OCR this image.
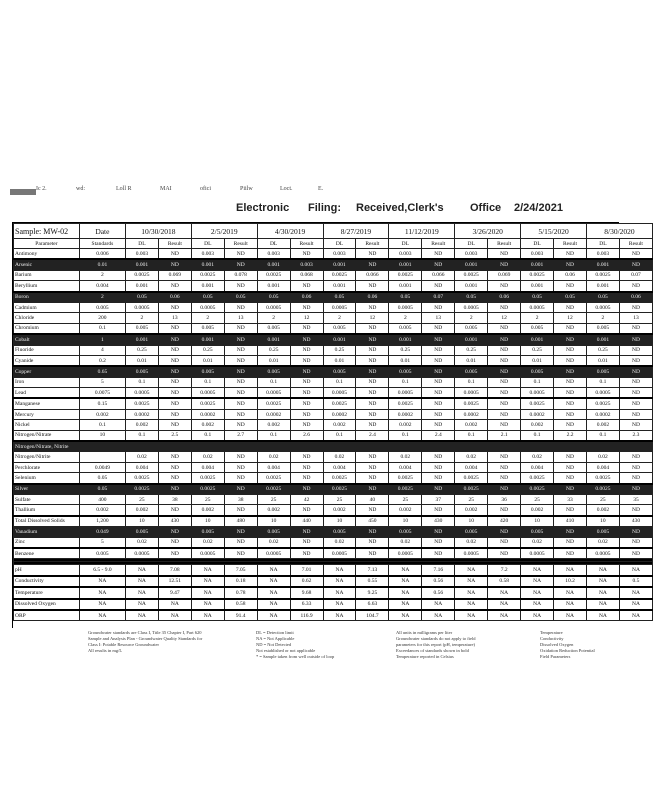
Ic 2.	wd:	Loll R	MAI	ofici	Piilw	Loct.	E.
Electronic Filing: Received,Clerk's Office 2/24/2021
Sample: MW-02	Date	10/30/2018		2/5/2019		4/30/2019		8/27/2019		11/12/2019		3/26/2020		5/15/2020		8/30/2020	
Parameter	Standards	DL	Result	DL	Result	DL	Result	DL	Result	DL	Result	DL	Result	DL	Result	DL	Result
Antimony	0.006	0.003	ND	0.003	ND	0.003	ND	0.003	ND	0.003	ND	0.003	ND	0.003	ND	0.003	ND
Arsenic	0.01	0.001	ND	0.001	ND	0.001	0.003	0.001	ND	0.001	ND	0.001	ND	0.001	ND	0.001	ND
Barium	2	0.0025	0.069	0.0025	0.078	0.0025	0.068	0.0025	0.066	0.0025	0.066	0.0025	0.069	0.0025	0.06	0.0025	0.07
Beryllium	0.004	0.001	ND	0.001	ND	0.001	ND	0.001	ND	0.001	ND	0.001	ND	0.001	ND	0.001	ND
Boron	2	0.05	0.06	0.05	0.05	0.05	0.06	0.05	0.06	0.05	0.07	0.05	0.06	0.05	0.05	0.05	0.06
Cadmium	0.005	0.0005	ND	0.0005	ND	0.0005	ND	0.0005	ND	0.0005	ND	0.0005	ND	0.0005	ND	0.0005	ND
Chloride	200	2	13	2	13	2	12	2	12	2	13	2	12	2	12	2	13
Chromium	0.1	0.005	ND	0.005	ND	0.005	ND	0.005	ND	0.005	ND	0.005	ND	0.005	ND	0.005	ND
Cobalt	1	0.001	ND	0.001	ND	0.001	ND	0.001	ND	0.001	ND	0.001	ND	0.001	ND	0.001	ND
Fluoride	4	0.25	ND	0.25	ND	0.25	ND	0.25	ND	0.25	ND	0.25	ND	0.25	ND	0.25	ND
Cyanide	0.2	0.01	ND	0.01	ND	0.01	ND	0.01	ND	0.01	ND	0.01	ND	0.01	ND	0.01	ND
Copper	0.65	0.005	ND	0.005	ND	0.005	ND	0.005	ND	0.005	ND	0.005	ND	0.005	ND	0.005	ND
Iron	5	0.1	ND	0.1	ND	0.1	ND	0.1	ND	0.1	ND	0.1	ND	0.1	ND	0.1	ND
Lead	0.0075	0.0005	ND	0.0005	ND	0.0005	ND	0.0005	ND	0.0005	ND	0.0005	ND	0.0005	ND	0.0005	ND
Manganese	0.15	0.0025	ND	0.0025	ND	0.0025	ND	0.0025	ND	0.0025	ND	0.0025	ND	0.0025	ND	0.0025	ND
Mercury	0.002	0.0002	ND	0.0002	ND	0.0002	ND	0.0002	ND	0.0002	ND	0.0002	ND	0.0002	ND	0.0002	ND
Nickel	0.1	0.002	ND	0.002	ND	0.002	ND	0.002	ND	0.002	ND	0.002	ND	0.002	ND	0.002	ND
Nitrogen/Nitrate	10	0.1	2.5	0.1	2.7	0.1	2.6	0.1	2.4	0.1	2.4	0.1	2.1	0.1	2.2	0.1	2.3
Nitrogen/Nitrate, Nitrite																	
Nitrogen/Nitrite		0.02	ND	0.02	ND	0.02	ND	0.02	ND	0.02	ND	0.02	ND	0.02	ND	0.02	ND
Perchlorate	0.0049	0.004	ND	0.004	ND	0.004	ND	0.004	ND	0.004	ND	0.004	ND	0.004	ND	0.004	ND
Selenium	0.05	0.0025	ND	0.0025	ND	0.0025	ND	0.0025	ND	0.0025	ND	0.0025	ND	0.0025	ND	0.0025	ND
Silver	0.05	0.0025	ND	0.0025	ND	0.0025	ND	0.0025	ND	0.0025	ND	0.0025	ND	0.0025	ND	0.0025	ND
Sulfate	400	25	38	25	38	25	42	25	40	25	37	25	36	25	33	25	35
Thallium	0.002	0.002	ND	0.002	ND	0.002	ND	0.002	ND	0.002	ND	0.002	ND	0.002	ND	0.002	ND
Total Dissolved Solids	1,200	10	430	10	480	10	440	10	450	10	430	10	420	10	410	10	430
Vanadium	0.049	0.005	ND	0.005	ND	0.005	ND	0.005	ND	0.005	ND	0.005	ND	0.005	ND	0.005	ND
Zinc	5	0.02	ND	0.02	ND	0.02	ND	0.02	ND	0.02	ND	0.02	ND	0.02	ND	0.02	ND
Benzene	0.005	0.0005	ND	0.0005	ND	0.0005	ND	0.0005	ND	0.0005	ND	0.0005	ND	0.0005	ND	0.0005	ND

pH	6.5 - 9.0	NA	7.08	NA	7.05	NA	7.01	NA	7.13	NA	7.16	NA	7.2	NA	NA	NA	NA
Conductivity	NA	NA	12.51	NA	0.18	NA	0.62	NA	0.55	NA	0.56	NA	0.58	NA	10.2	NA	0.5
Temperature	NA	NA	9.47	NA	0.78	NA	9.68	NA	9.25	NA	0.56	NA	NA	NA	NA	NA	NA
Dissolved Oxygen	NA	NA	NA	NA	0.58	NA	6.33	NA	6.63	NA	NA	NA	NA	NA	NA	NA	NA
ORP	NA	NA	NA	NA	91.4	NA	116.9	NA	104.7	NA	NA	NA	NA	NA	NA	NA	NA
Groundwater standards are Class I, Title 35 Chapter I, Part 620
Sample and Analysis Plan - Groundwater Quality Standards for
Class I: Potable Resource Groundwater
All results in mg/L
DL = Detection limit
NA = Not Applicable
ND = Not Detected
Not established or not applicable
* = Sample taken from well outside of loop
All units in milligrams per liter
Groundwater standards do not apply to field
parameters for this report (pH, temperature)
Exceedances of standards shown in bold
Temperature reported in Celsius
Temperature
Conductivity
Dissolved Oxygen
Oxidation Reduction Potential
Field Parameters
